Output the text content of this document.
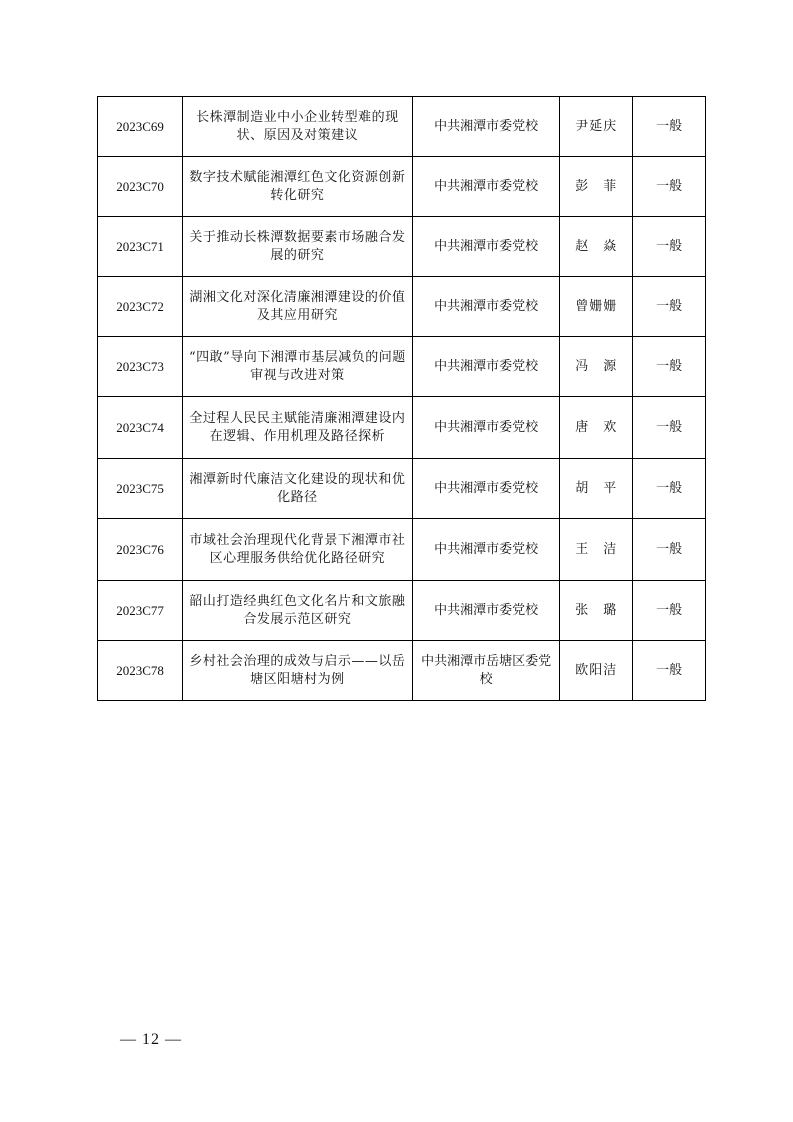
2023C69	长株潭制造业中小企业转型难的现状、原因及对策建议	中共湘潭市委党校	尹延庆	一般
2023C70	数字技术赋能湘潭红色文化资源创新转化研究	中共湘潭市委党校	彭　菲	一般
2023C71	关于推动长株潭数据要素市场融合发展的研究	中共湘潭市委党校	赵　焱	一般
2023C72	湖湘文化对深化清廉湘潭建设的价值及其应用研究	中共湘潭市委党校	曾姗姗	一般
2023C73	“四敢”导向下湘潭市基层减负的问题审视与改进对策	中共湘潭市委党校	冯　源	一般
2023C74	全过程人民民主赋能清廉湘潭建设内在逻辑、作用机理及路径探析	中共湘潭市委党校	唐　欢	一般
2023C75	湘潭新时代廉洁文化建设的现状和优化路径	中共湘潭市委党校	胡　平	一般
2023C76	市域社会治理现代化背景下湘潭市社区心理服务供给优化路径研究	中共湘潭市委党校	王　洁	一般
2023C77	韶山打造经典红色文化名片和文旅融合发展示范区研究	中共湘潭市委党校	张　璐	一般
2023C78	乡村社会治理的成效与启示——以岳塘区阳塘村为例	中共湘潭市岳塘区委党校	欧阳洁	一般
— 12 —
